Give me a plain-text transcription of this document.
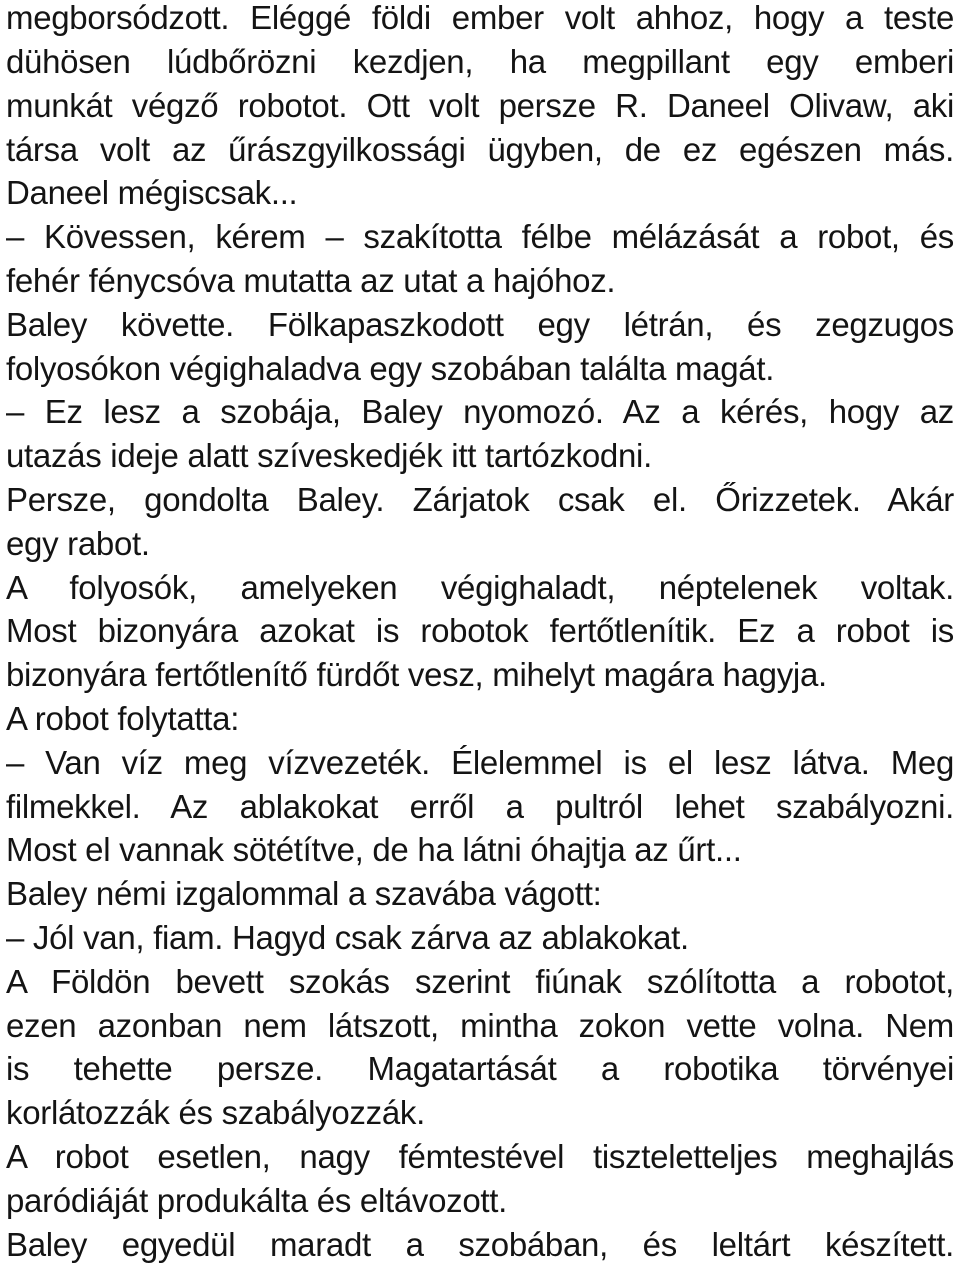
megborsódzott. Eléggé földi ember volt ahhoz, hogy a teste
dühösen lúdbőrözni kezdjen, ha megpillant egy emberi
munkát végző robotot. Ott volt persze R. Daneel Olivaw, aki
társa volt az űrászgyilkossági ügyben, de ez egészen más.
Daneel mégiscsak...
– Kövessen, kérem – szakította félbe mélázását a robot, és
fehér fénycsóva mutatta az utat a hajóhoz.
Baley követte. Fölkapaszkodott egy létrán, és zegzugos
folyosókon végighaladva egy szobában találta magát.
– Ez lesz a szobája, Baley nyomozó. Az a kérés, hogy az
utazás ideje alatt szíveskedjék itt tartózkodni.
Persze, gondolta Baley. Zárjatok csak el. Őrizzetek. Akár
egy rabot.
A folyosók, amelyeken végighaladt, néptelenek voltak.
Most bizonyára azokat is robotok fertőtlenítik. Ez a robot is
bizonyára fertőtlenítő fürdőt vesz, mihelyt magára hagyja.
A robot folytatta:
– Van víz meg vízvezeték. Élelemmel is el lesz látva. Meg
filmekkel. Az ablakokat erről a pultról lehet szabályozni.
Most el vannak sötétítve, de ha látni óhajtja az űrt...
Baley némi izgalommal a szavába vágott:
– Jól van, fiam. Hagyd csak zárva az ablakokat.
A Földön bevett szokás szerint fiúnak szólította a robotot,
ezen azonban nem látszott, mintha zokon vette volna. Nem
is tehette persze. Magatartását a robotika törvényei
korlátozzák és szabályozzák.
A robot esetlen, nagy fémtestével tiszteletteljes meghajlás
paródiáját produkálta és eltávozott.
Baley egyedül maradt a szobában, és leltárt készített.
